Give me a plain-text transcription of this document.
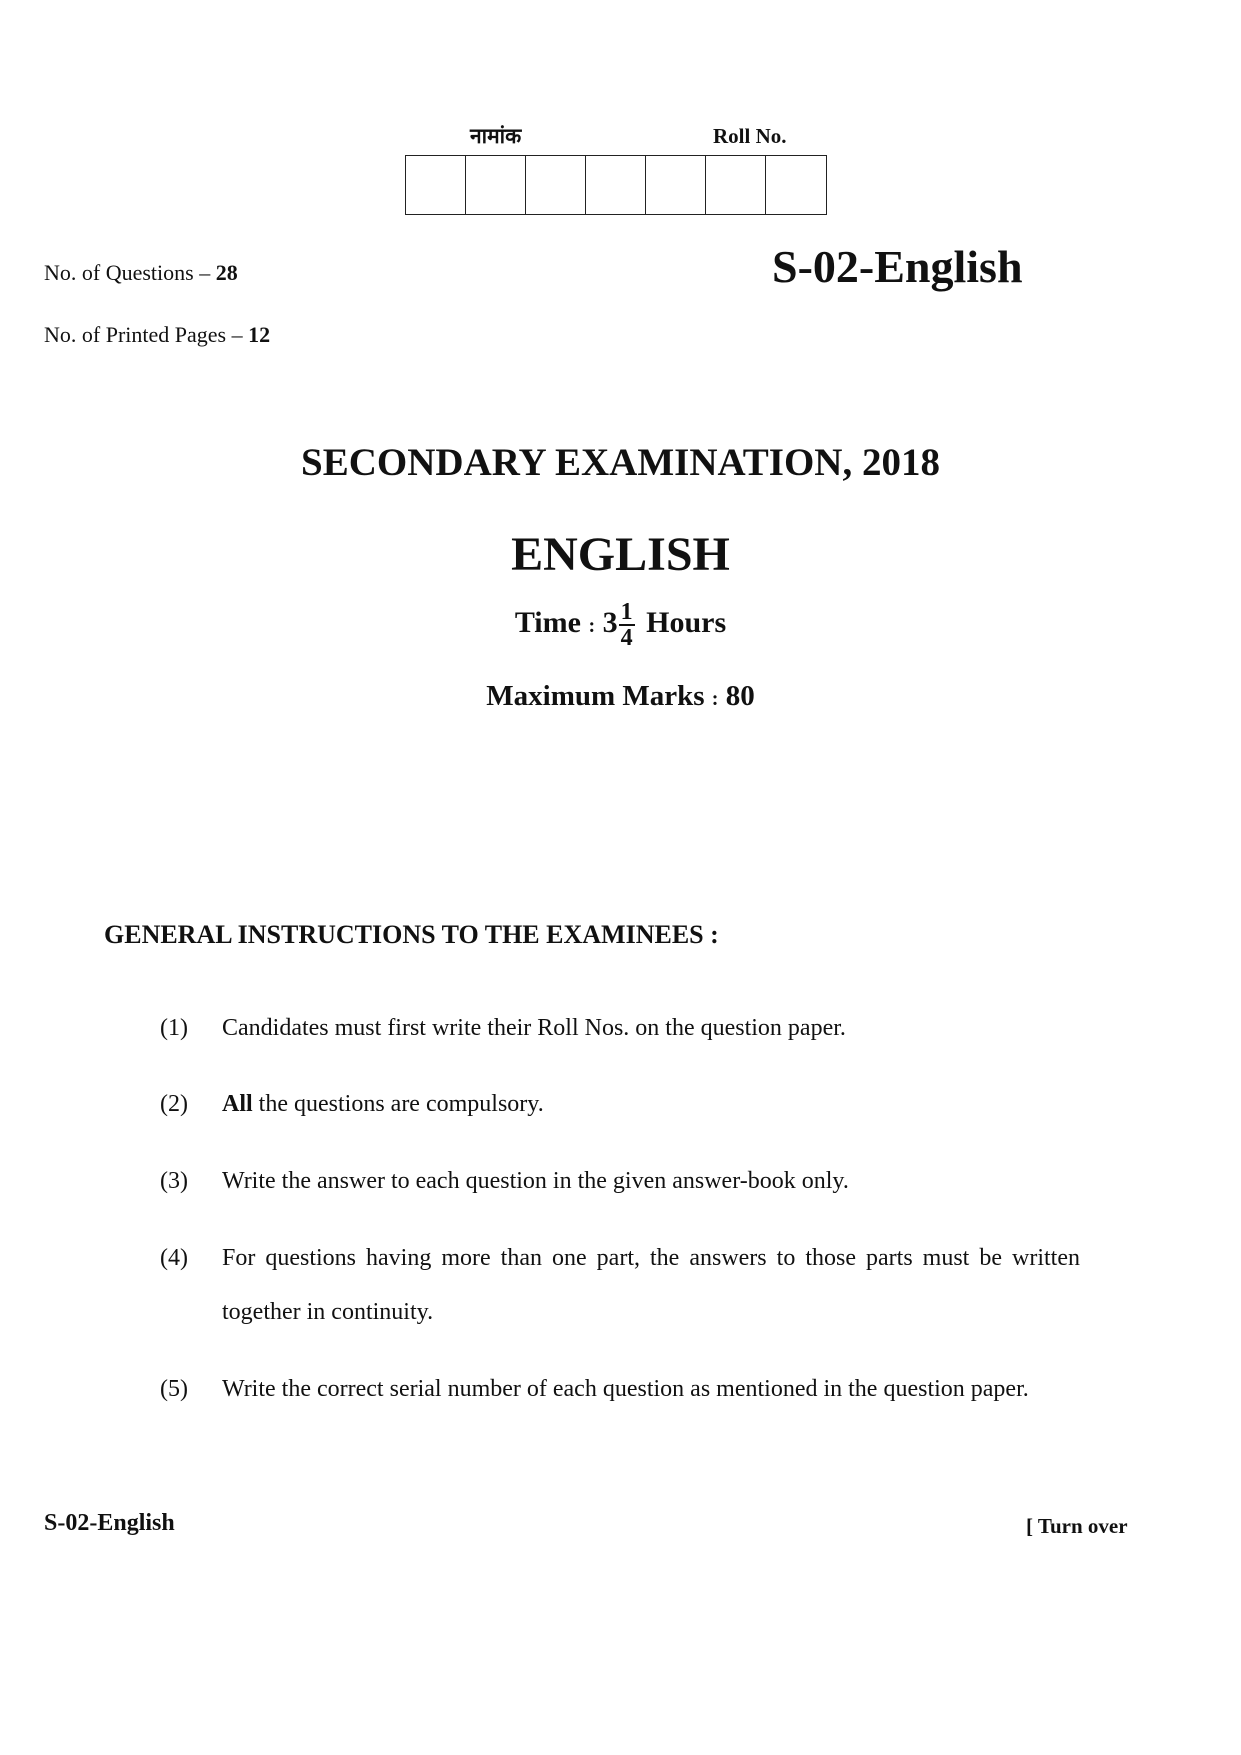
नामांक	Roll No.
No. of Questions – 28
No. of Printed Pages – 12
S-02-English
SECONDARY EXAMINATION, 2018
ENGLISH
Time : $3 \frac{1}{4}$ Hours
Maximum Marks : 80
GENERAL INSTRUCTIONS TO THE EXAMINEES :
(1)	Candidates must first write their Roll Nos. on the question paper.
(2)	All the questions are compulsory.
(3)	Write the answer to each question in the given answer-book only.
(4)	For questions having more than one part, the answers to those parts must be written together in continuity.
(5)	Write the correct serial number of each question as mentioned in the question paper.
S-02-English	[ Turn over
